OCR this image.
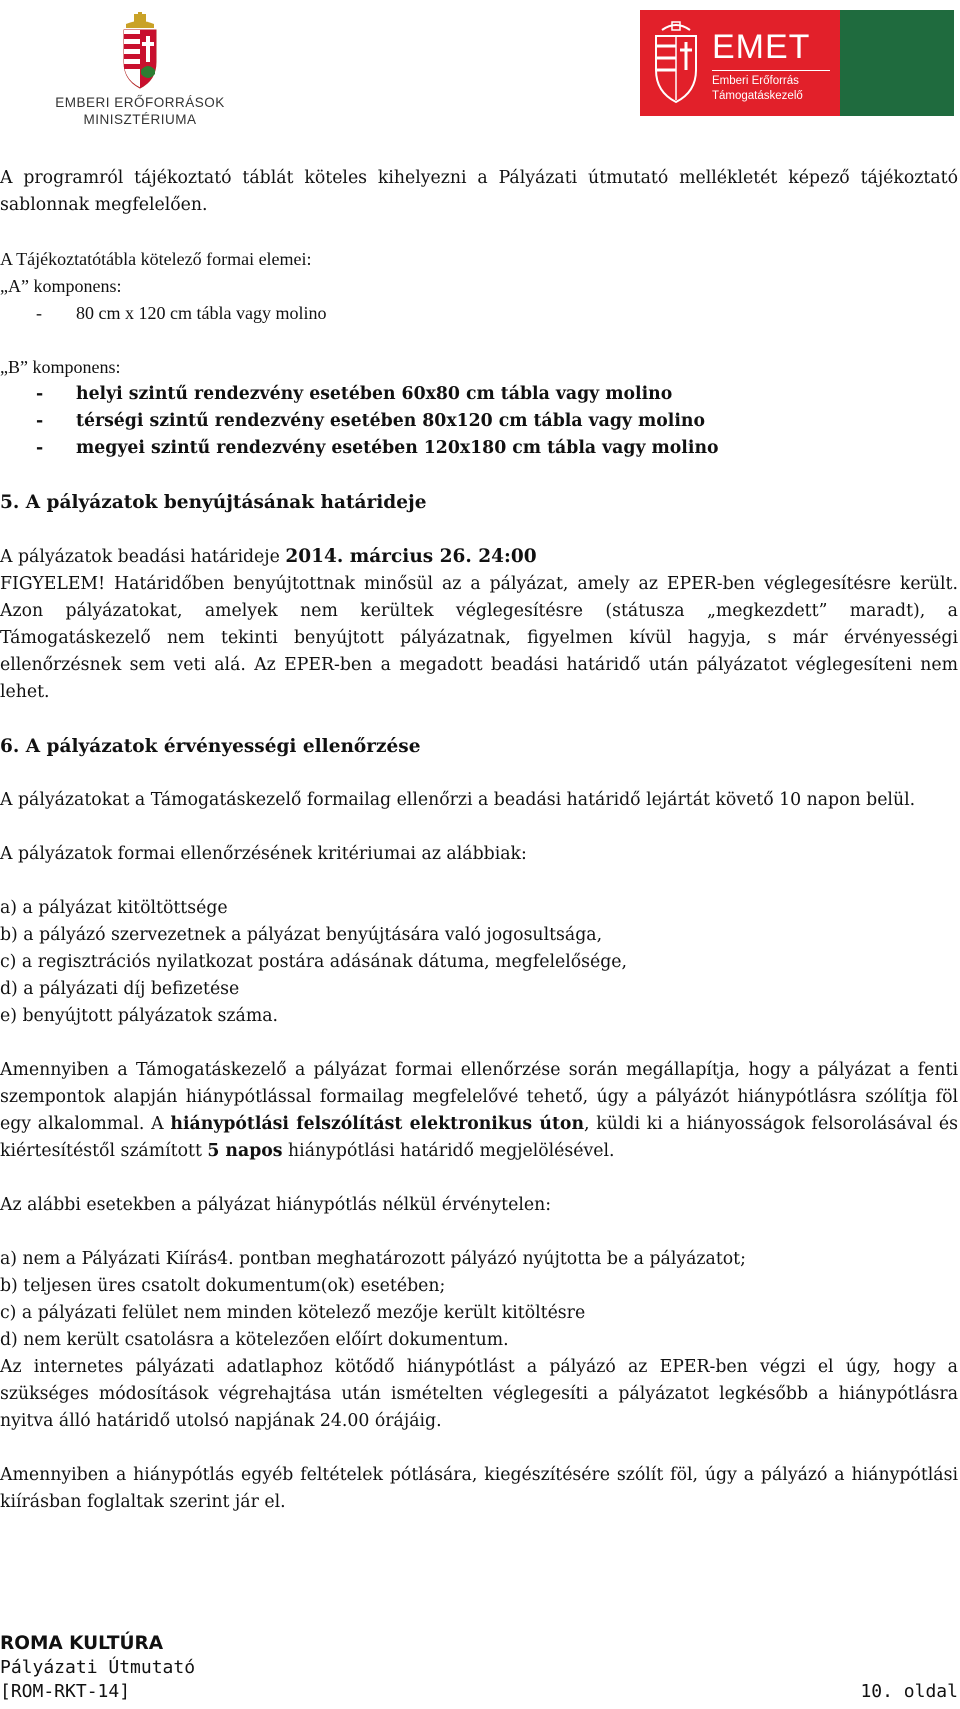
EMBERI ERŐFORRÁSOK
MINISZTÉRIUMA
EMET
Emberi Erőforrás
Támogatáskezelő

A programról tájékoztató táblát köteles kihelyezni a Pályázati útmutató mellékletét képező tájékoztató sablonnak megfelelően.

A Tájékoztatótábla kötelező formai elemei:

„A” komponens:

- 80 cm x 120 cm tábla vagy molino

„B” komponens:

- helyi szintű rendezvény esetében 60x80 cm tábla vagy molino
- térségi szintű rendezvény esetében 80x120 cm tábla vagy molino
- megyei szintű rendezvény esetében 120x180 cm tábla vagy molino
5. A pályázatok benyújtásának határideje

A pályázatok beadási határideje 2014. március 26. 24:00

FIGYELEM! Határidőben benyújtottnak minősül az a pályázat, amely az EPER-ben véglegesítésre került. Azon pályázatokat, amelyek nem kerültek véglegesítésre (státusza „megkezdett” maradt), a Támogatáskezelő nem tekinti benyújtott pályázatnak, figyelmen kívül hagyja, s már érvényességi ellenőrzésnek sem veti alá. Az EPER-ben a megadott beadási határidő után pályázatot véglegesíteni nem lehet.

6. A pályázatok érvényességi ellenőrzése

A pályázatokat a Támogatáskezelő formailag ellenőrzi a beadási határidő lejártát követő 10 napon belül.

A pályázatok formai ellenőrzésének kritériumai az alábbiak:

a) a pályázat kitöltöttsége

b) a pályázó szervezetnek a pályázat benyújtására való jogosultsága,

c) a regisztrációs nyilatkozat postára adásának dátuma, megfelelősége,

d) a pályázati díj befizetése

e) benyújtott pályázatok száma.

Amennyiben a Támogatáskezelő a pályázat formai ellenőrzése során megállapítja, hogy a pályázat a fenti szempontok alapján hiánypótlással formailag megfelelővé tehető, úgy a pályázót hiánypótlásra szólítja föl egy alkalommal. A hiánypótlási felszólítást elektronikus úton, küldi ki a hiányosságok felsorolásával és kiértesítéstől számított 5 napos hiánypótlási határidő megjelölésével.

Az alábbi esetekben a pályázat hiánypótlás nélkül érvénytelen:

a) nem a Pályázati Kiírás4. pontban meghatározott pályázó nyújtotta be a pályázatot;

b) teljesen üres csatolt dokumentum(ok) esetében;

c) a pályázati felület nem minden kötelező mezője került kitöltésre

d) nem került csatolásra a kötelezően előírt dokumentum.

Az internetes pályázati adatlaphoz kötődő hiánypótlást a pályázó az EPER-ben végzi el úgy, hogy a szükséges módosítások végrehajtása után ismételten véglegesíti a pályázatot legkésőbb a hiánypótlásra nyitva álló határidő utolsó napjának 24.00 órájáig.

Amennyiben a hiánypótlás egyéb feltételek pótlására, kiegészítésére szólít föl, úgy a pályázó a hiánypótlási kiírásban foglaltak szerint jár el.

ROMA KULTÚRA
Pályázati Útmutató
[ROM-RKT-14]	10. oldal
